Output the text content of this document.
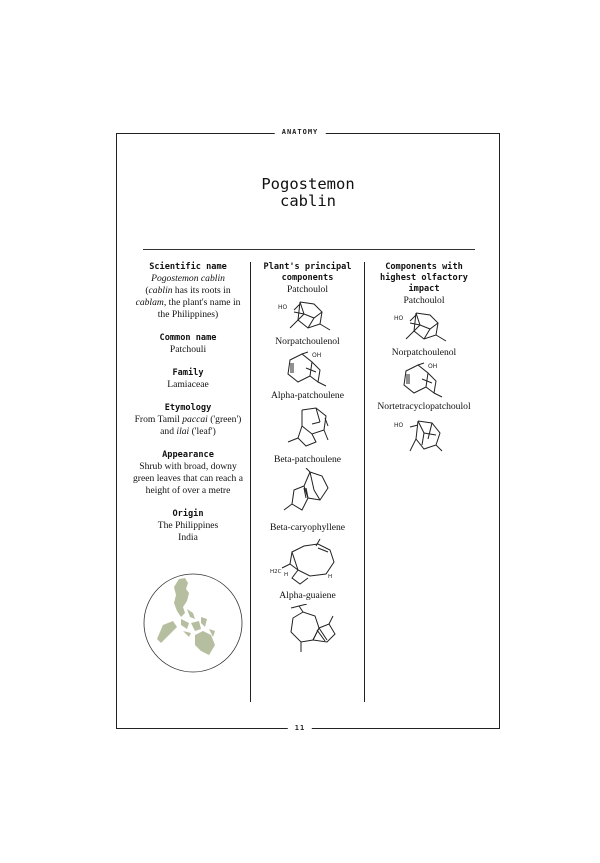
ANATOMY
Pogostemon
cablin
Scientific name
Pogostemon cablin
(cablin has its roots in cablam, the plant's name in the Philippines)
Common name
Patchouli
Family
Lamiaceae
Etymology
From Tamil paccai ('green') and ilai ('leaf')
Appearance
Shrub with broad, downy green leaves that can reach a height of over a metre
Origin
The Philippines
India
Plant's principal components
Patchoulol
HO
Norpatchoulenol
OH
Alpha-patchoulene
Beta-patchoulene
Beta-caryophyllene
H2C H	H
Alpha-guaiene
Components with highest olfactory impact
Patchoulol
HO
Norpatchoulenol
OH
Nortetracyclopatchoulol
HO
11
